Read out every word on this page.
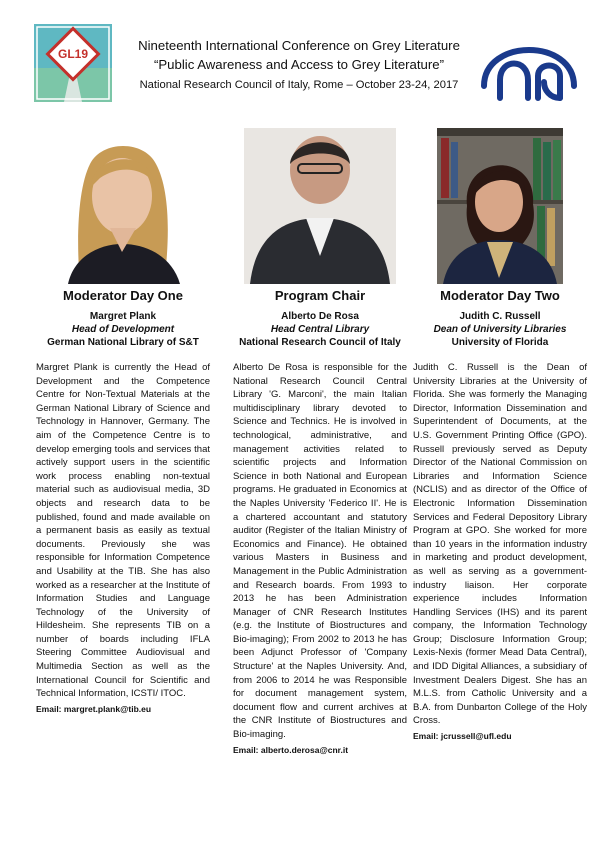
GL19
Nineteenth International Conference on Grey Literature
“Public Awareness and Access to Grey Literature”
National Research Council of Italy, Rome – October 23-24, 2017
Moderator Day One
Margret Plank
Head of Development
German National Library of S&T
Margret Plank is currently the Head of Development and the Competence Centre for Non-Textual Materials at the German National Library of Science and Technology in Hannover, Germany. The aim of the Competence Centre is to develop emerging tools and services that actively support users in the scientific work process enabling non-textual material such as audiovisual media, 3D objects and research data to be published, found and made available on a permanent basis as easily as textual documents. Previously she was responsible for Information Competence and Usability at the TIB. She has also worked as a researcher at the Institute of Information Studies and Language Technology of the University of Hildesheim. She represents TIB on a number of boards including IFLA Steering Committee Audiovisual and Multimedia Section as well as the International Council for Scientific and Technical Information, ICSTI/ ITOC.
Email: margret.plank@tib.eu
Program Chair
Alberto De Rosa
Head Central Library
National Research Council of Italy
Alberto De Rosa is responsible for the National Research Council Central Library 'G. Marconi', the main Italian multidisciplinary library devoted to Science and Technics. He is involved in technological, administrative, and management activities related to scientific projects and Information Science in both National and European programs. He graduated in Economics at the Naples University 'Federico II'. He is a chartered accountant and statutory auditor (Register of the Italian Ministry of Economics and Finance). He obtained various Masters in Business and Management in the Public Administration and Research boards. From 1993 to 2013 he has been Administration Manager of CNR Research Institutes (e.g. the Institute of Biostructures and Bio-imaging); From 2002 to 2013 he has been Adjunct Professor of 'Company Structure' at the Naples University. And, from 2006 to 2014 he was Responsible for document management system, document flow and current archives at the CNR Institute of Biostructures and Bio-imaging.
Email: alberto.derosa@cnr.it
Moderator Day Two
Judith C. Russell
Dean of University Libraries
University of Florida
Judith C. Russell is the Dean of University Libraries at the University of Florida. She was formerly the Managing Director, Information Dissemination and Superintendent of Documents, at the U.S. Government Printing Office (GPO). Russell previously served as Deputy Director of the National Commission on Libraries and Information Science (NCLIS) and as director of the Office of Electronic Information Dissemination Services and Federal Depository Library Program at GPO. She worked for more than 10 years in the information industry in marketing and product development, as well as serving as a government-industry liaison. Her corporate experience includes Information Handling Services (IHS) and its parent company, the Information Technology Group; Disclosure Information Group; Lexis-Nexis (former Mead Data Central), and IDD Digital Alliances, a subsidiary of Investment Dealers Digest. She has an M.L.S. from Catholic University and a B.A. from Dunbarton College of the Holy Cross.
Email: jcrussell@ufl.edu
